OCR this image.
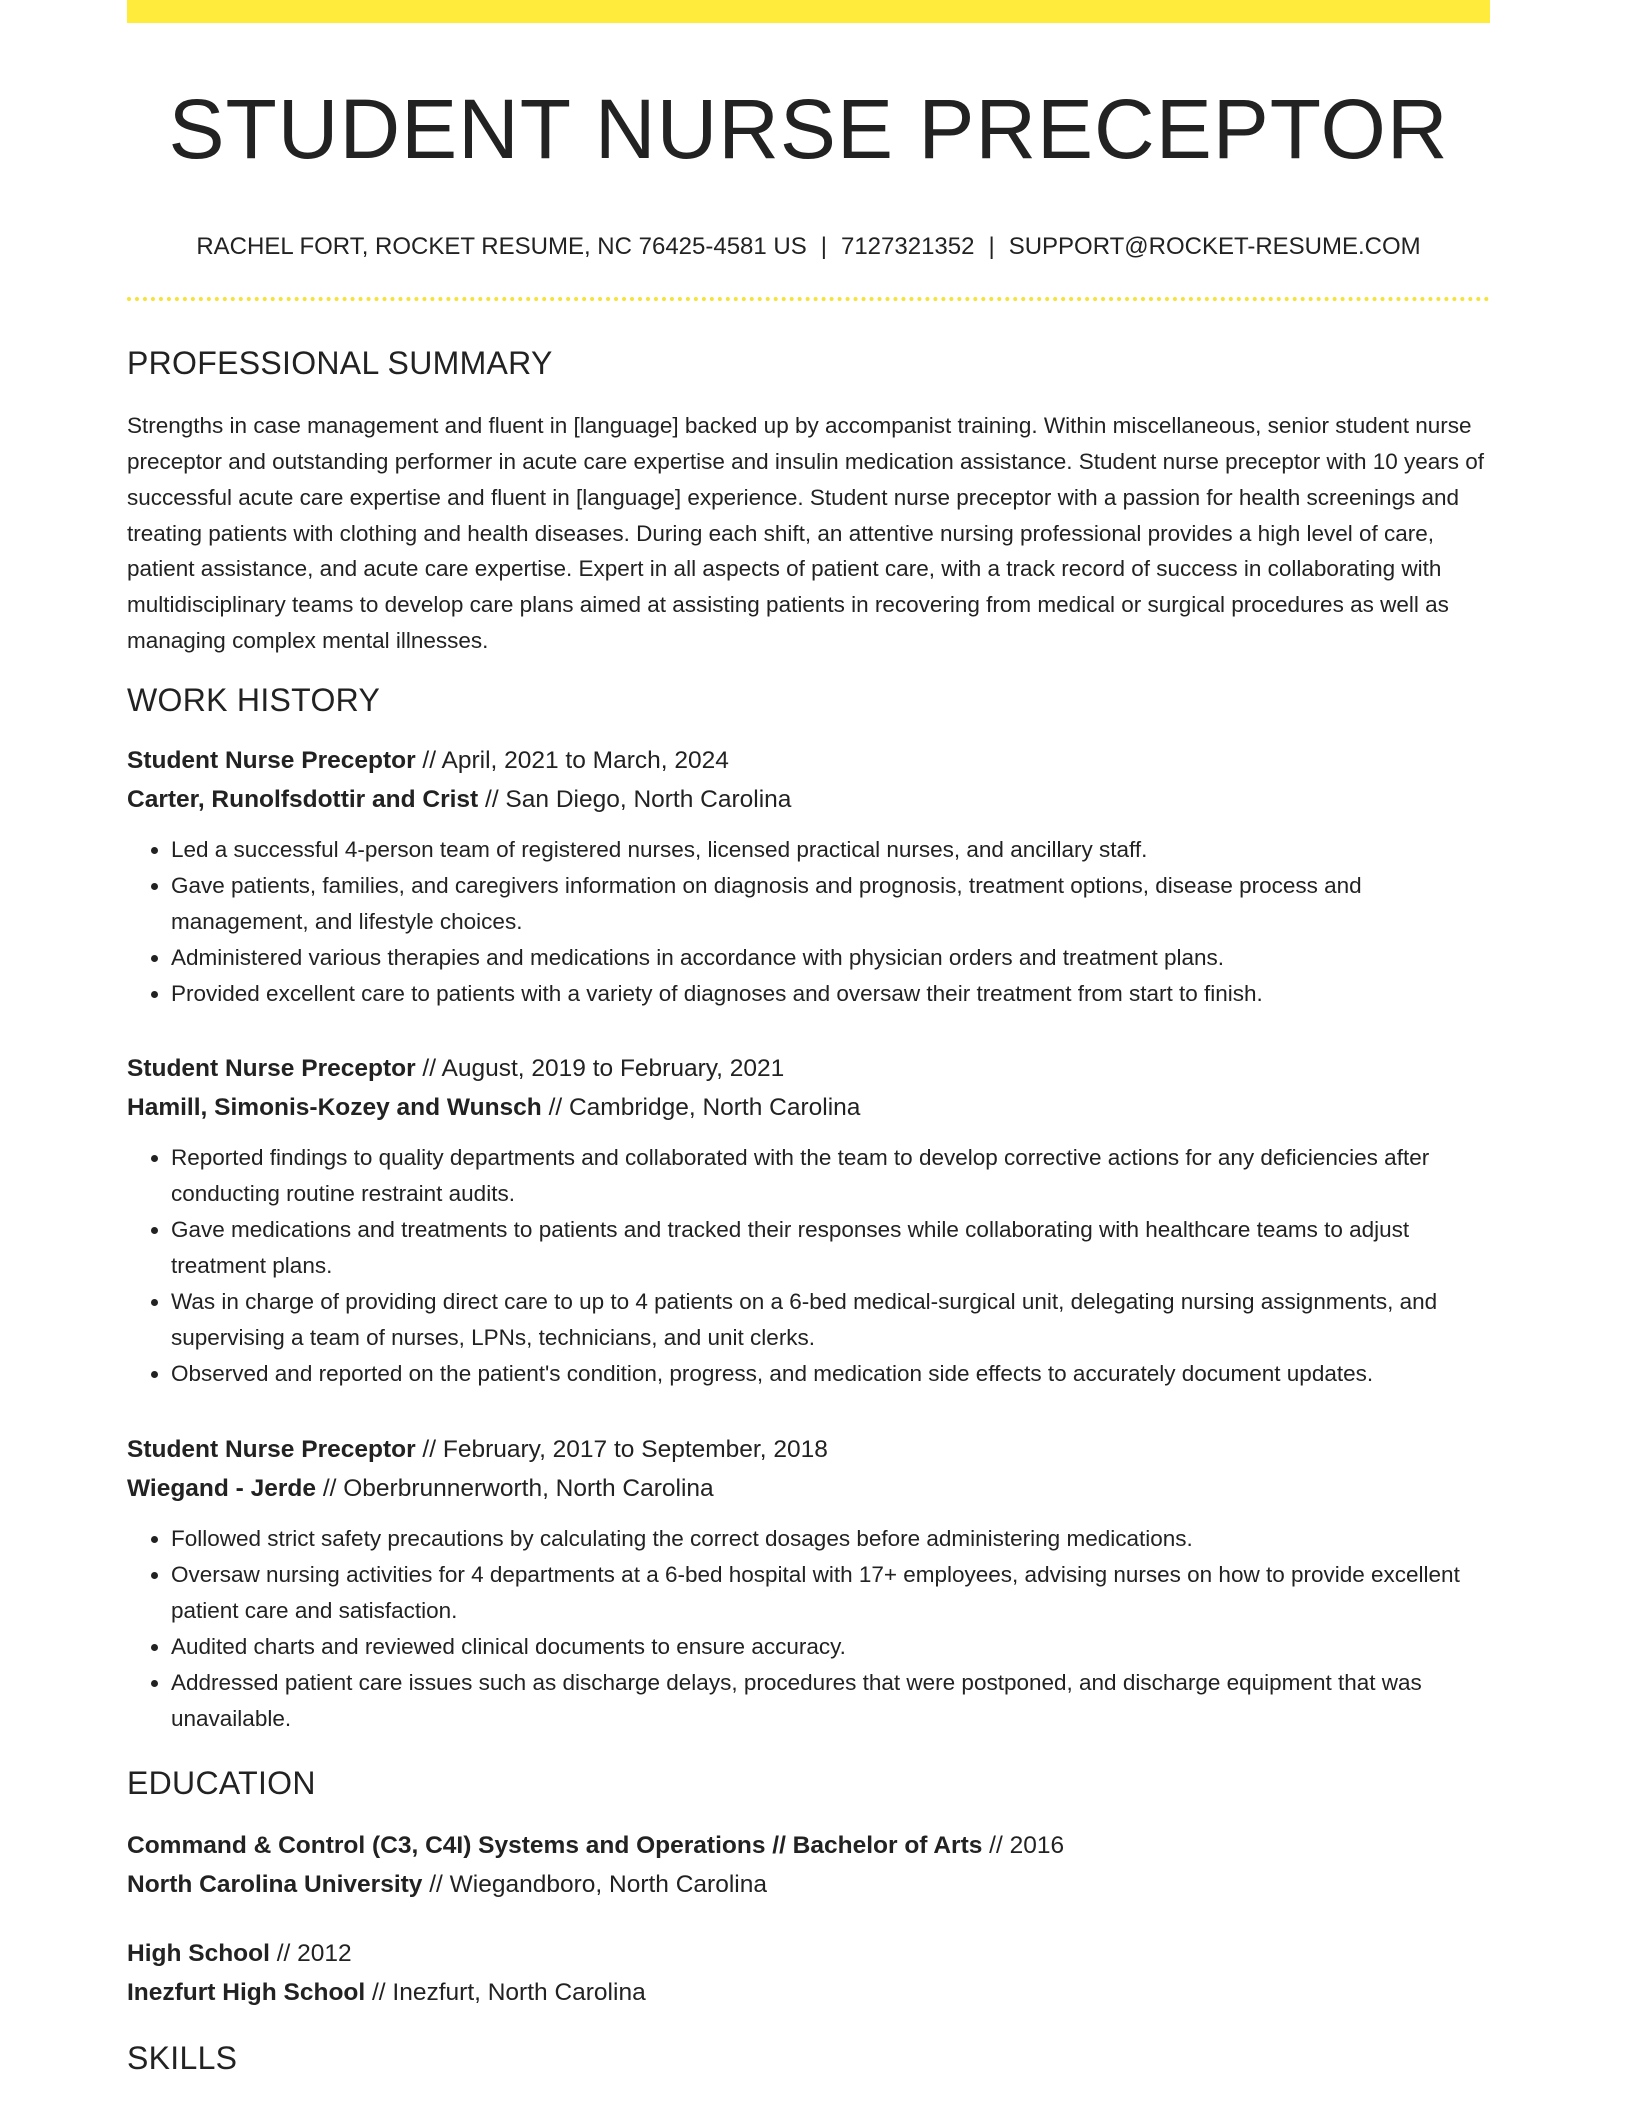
STUDENT NURSE PRECEPTOR
RACHEL FORT, ROCKET RESUME, NC 76425-4581 US | 7127321352 | SUPPORT@ROCKET-RESUME.COM
PROFESSIONAL SUMMARY

Strengths in case management and fluent in [language] backed up by accompanist training. Within miscellaneous, senior student nurse preceptor and outstanding performer in acute care expertise and insulin medication assistance. Student nurse preceptor with 10 years of successful acute care expertise and fluent in [language] experience. Student nurse preceptor with a passion for health screenings and treating patients with clothing and health diseases. During each shift, an attentive nursing professional provides a high level of care, patient assistance, and acute care expertise. Expert in all aspects of patient care, with a track record of success in collaborating with multidisciplinary teams to develop care plans aimed at assisting patients in recovering from medical or surgical procedures as well as managing complex mental illnesses.

WORK HISTORY
Student Nurse Preceptor // April, 2021 to March, 2024
Carter, Runolfsdottir and Crist // San Diego, North Carolina
• Led a successful 4-person team of registered nurses, licensed practical nurses, and ancillary staff.
• Gave patients, families, and caregivers information on diagnosis and prognosis, treatment options, disease process and management, and lifestyle choices.
• Administered various therapies and medications in accordance with physician orders and treatment plans.
• Provided excellent care to patients with a variety of diagnoses and oversaw their treatment from start to finish.
Student Nurse Preceptor // August, 2019 to February, 2021
Hamill, Simonis-Kozey and Wunsch // Cambridge, North Carolina
• Reported findings to quality departments and collaborated with the team to develop corrective actions for any deficiencies after conducting routine restraint audits.
• Gave medications and treatments to patients and tracked their responses while collaborating with healthcare teams to adjust treatment plans.
• Was in charge of providing direct care to up to 4 patients on a 6-bed medical-surgical unit, delegating nursing assignments, and supervising a team of nurses, LPNs, technicians, and unit clerks.
• Observed and reported on the patient's condition, progress, and medication side effects to accurately document updates.
Student Nurse Preceptor // February, 2017 to September, 2018
Wiegand - Jerde // Oberbrunnerworth, North Carolina
• Followed strict safety precautions by calculating the correct dosages before administering medications.
• Oversaw nursing activities for 4 departments at a 6-bed hospital with 17+ employees, advising nurses on how to provide excellent patient care and satisfaction.
• Audited charts and reviewed clinical documents to ensure accuracy.
• Addressed patient care issues such as discharge delays, procedures that were postponed, and discharge equipment that was unavailable.
EDUCATION
Command & Control (C3, C4I) Systems and Operations // Bachelor of Arts // 2016
North Carolina University // Wiegandboro, North Carolina
High School // 2012
Inezfurt High School // Inezfurt, North Carolina
SKILLS
